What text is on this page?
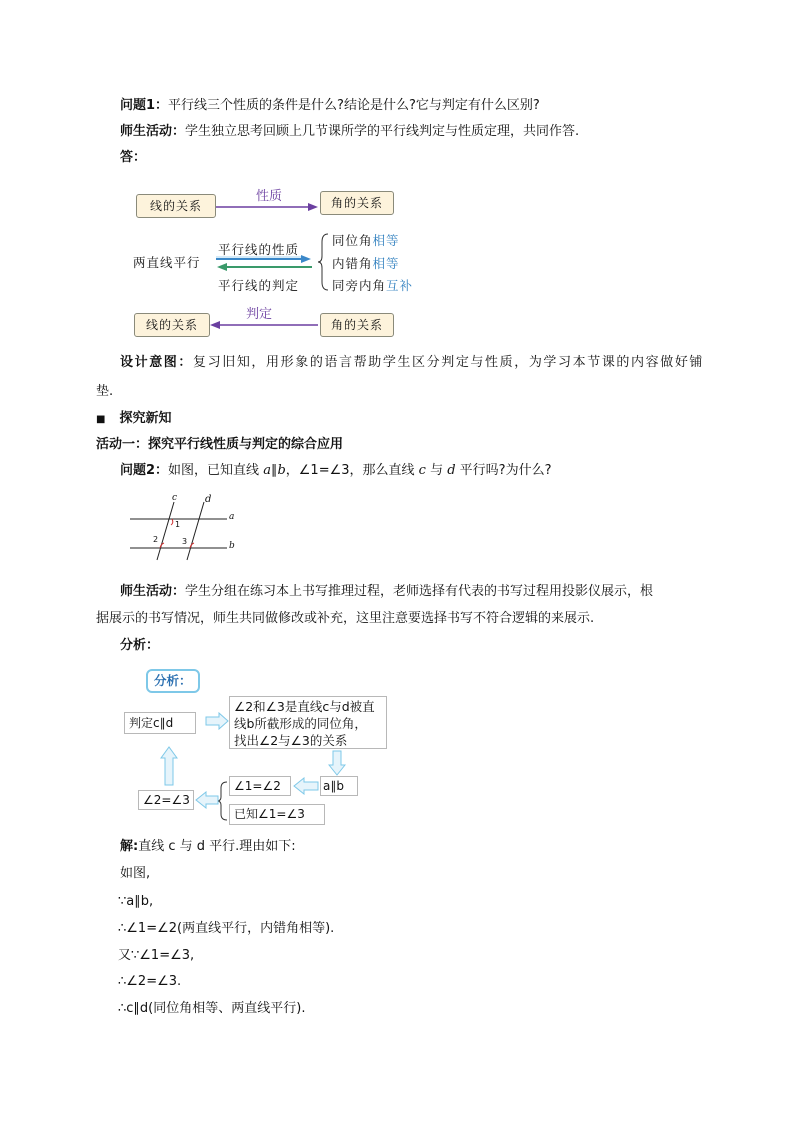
问题1：平行线三个性质的条件是什么?结论是什么?它与判定有什么区别?
师生活动：学生独立思考回顾上几节课所学的平行线判定与性质定理，共同作答.
答：
线的关系	角的关系
性质
两直线平行
平行线的性质
平行线的判定
同位角相等
内错角相等
同旁内角互补
线的关系	角的关系
判定
设计意图：复习旧知，用形象的语言帮助学生区分判定与性质，为学习本节课的内容做好铺
垫.
■ 探究新知
活动一：探究平行线性质与判定的综合应用
问题2：如图，已知直线 a∥b，∠1=∠3，那么直线 c 与 d 平行吗?为什么?
c	d
a
b
1
2	3
师生活动：学生分组在练习本上书写推理过程，老师选择有代表的书写过程用投影仪展示，根
据展示的书写情况，师生共同做修改或补充，这里注意要选择书写不符合逻辑的来展示.
分析：
分析：
判定c∥d
∠2和∠3是直线c与d被直
线b所截形成的同位角，
找出∠2与∠3的关系
a∥b
∠1=∠2
已知∠1=∠3
∠2=∠3
解:直线 c 与 d 平行.理由如下:
如图,
∵a∥b,
∴∠1=∠2(两直线平行，内错角相等).
又∵∠1=∠3,
∴∠2=∠3.
∴c∥d(同位角相等、两直线平行).
